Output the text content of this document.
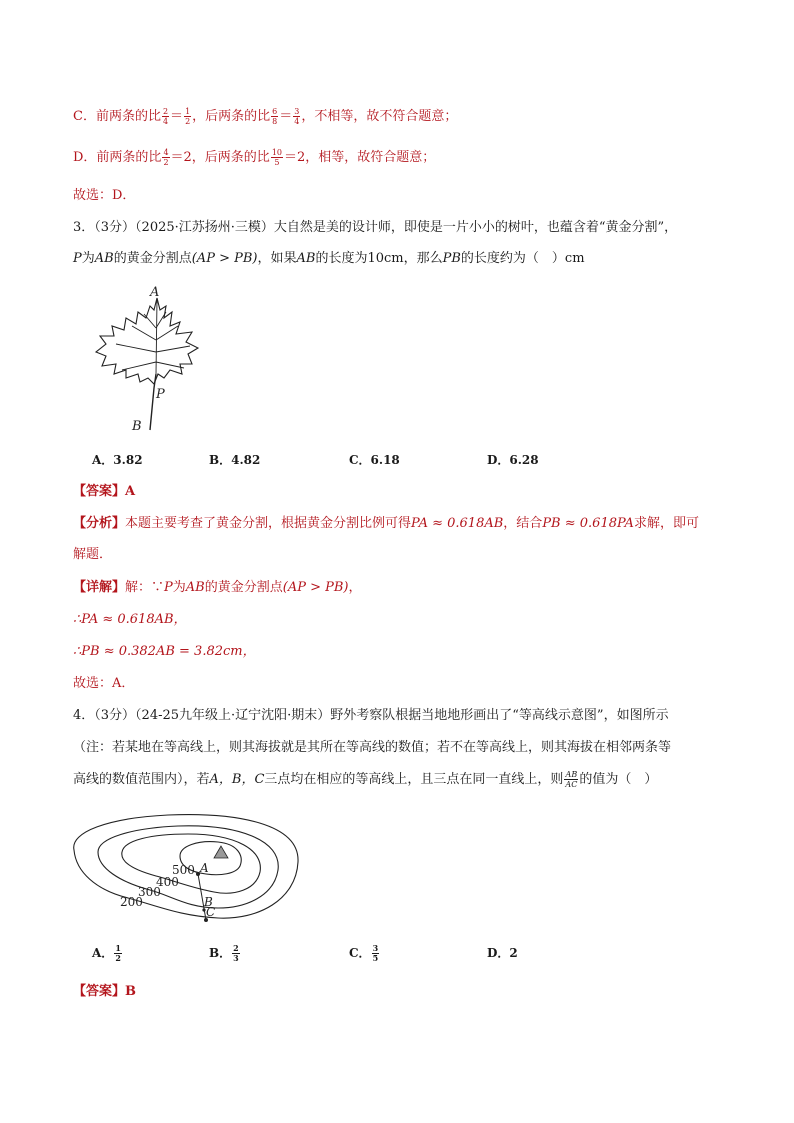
C．前两条的比 $\frac{2}{4} = \frac{1}{2}$ ，后两条的比 $\frac{6}{8} = \frac{3}{4}$ ，不相等，故不符合题意；
D．前两条的比 $\frac{4}{2} =2$，后两条的比 $\frac{10}{5} =2$，相等，故符合题意；
故选：D．
3．（3分）（2025·江苏扬州·三模）大自然是美的设计师，即使是一片小小的树叶，也蕴含着“黄金分割”，
P为AB的黄金分割点(AP > PB)，如果AB的长度为10cm，那么PB的长度约为（　）cm
A
P
B
A．3.82	B．4.82	C．6.18	D．6.28
【答案】A
【分析】本题主要考查了黄金分割，根据黄金分割比例可得PA ≈ 0.618AB，结合PB ≈ 0.618PA求解，即可
解题．
【详解】解：∵P为AB的黄金分割点(AP > PB)，
∴PA ≈ 0.618AB，
∴PB ≈ 0.382AB = 3.82cm，
故选：A．
4．（3分）（24-25九年级上·辽宁沈阳·期末）野外考察队根据当地地形画出了“等高线示意图”，如图所示
（注：若某地在等高线上，则其海拔就是其所在等高线的数值；若不在等高线上，则其海拔在相邻两条等
高线的数值范围内），若A，B，C三点均在相应的等高线上，且三点在同一直线上，则 $\frac{AB}{AC}$ 的值为（　）
500
400
300
200
A
B
C
A． $\frac{1}{2}$	B． $\frac{2}{3}$	C． $\frac{3}{5}$	D．2
【答案】B
